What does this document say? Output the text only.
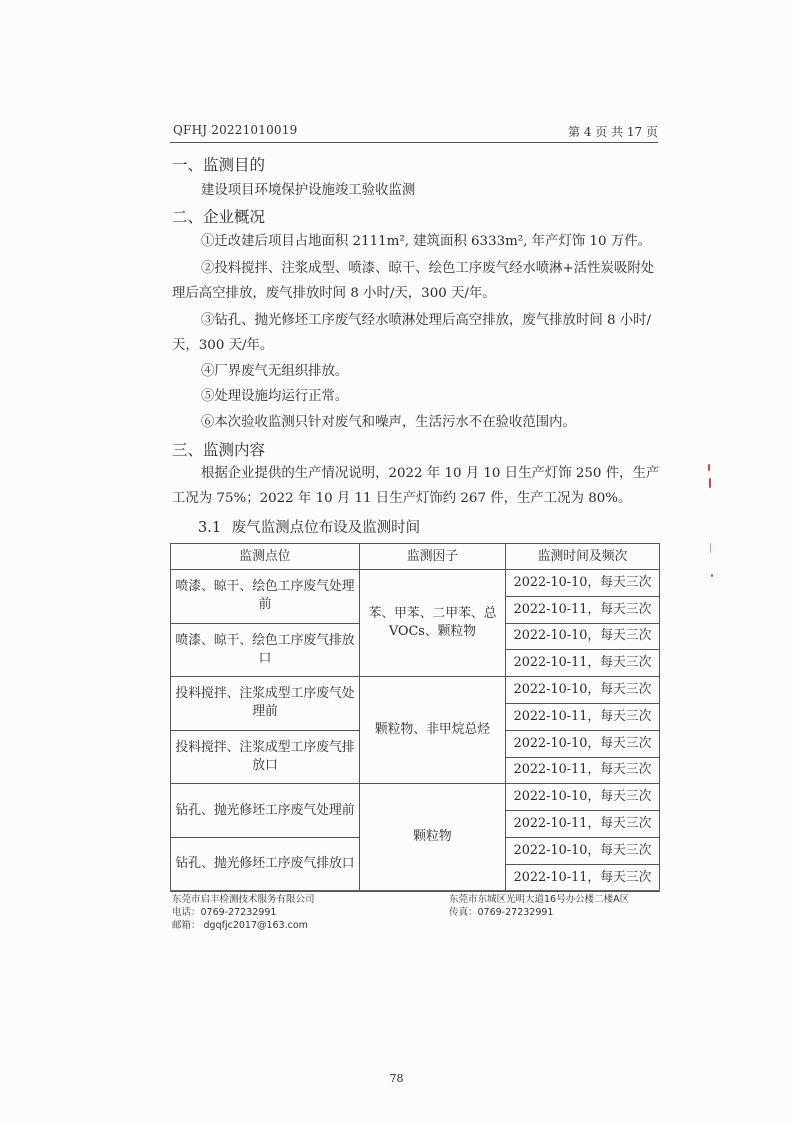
QFHJ 20221010019	第 4 页 共 17 页
一、监测目的
建设项目环境保护设施竣工验收监测
二、企业概况
①迁改建后项目占地面积 2111m², 建筑面积 6333m², 年产灯饰 10 万件。
②投料搅拌、注浆成型、喷漆、晾干、绘色工序废气经水喷淋+活性炭吸附处理后高空排放，废气排放时间 8 小时/天，300 天/年。
③钻孔、抛光修坯工序废气经水喷淋处理后高空排放，废气排放时间 8 小时/天，300 天/年。
④厂界废气无组织排放。
⑤处理设施均运行正常。
⑥本次验收监测只针对废气和噪声，生活污水不在验收范围内。
三、监测内容
根据企业提供的生产情况说明，2022 年 10 月 10 日生产灯饰 250 件，生产工况为 75%；2022 年 10 月 11 日生产灯饰约 267 件，生产工况为 80%。
3.1 废气监测点位布设及监测时间
监测点位	监测因子	监测时间及频次
喷漆、晾干、绘色工序废气处理前	苯、甲苯、二甲苯、总 VOCs、颗粒物	2022-10-10，每天三次
		2022-10-11，每天三次
喷漆、晾干、绘色工序废气排放口		2022-10-10，每天三次
		2022-10-11，每天三次
投料搅拌、注浆成型工序废气处理前	颗粒物、非甲烷总烃	2022-10-10，每天三次
		2022-10-11，每天三次
投料搅拌、注浆成型工序废气排放口		2022-10-10，每天三次
		2022-10-11，每天三次
钻孔、抛光修坯工序废气处理前	颗粒物	2022-10-10，每天三次
		2022-10-11，每天三次
钻孔、抛光修坯工序废气排放口		2022-10-10，每天三次
		2022-10-11，每天三次
东莞市启丰检测技术服务有限公司
电话：0769-27232991
邮箱： dgqfjc2017@163.com
东莞市东城区光明大道16号办公楼二楼A区
传真：0769-27232991
78
